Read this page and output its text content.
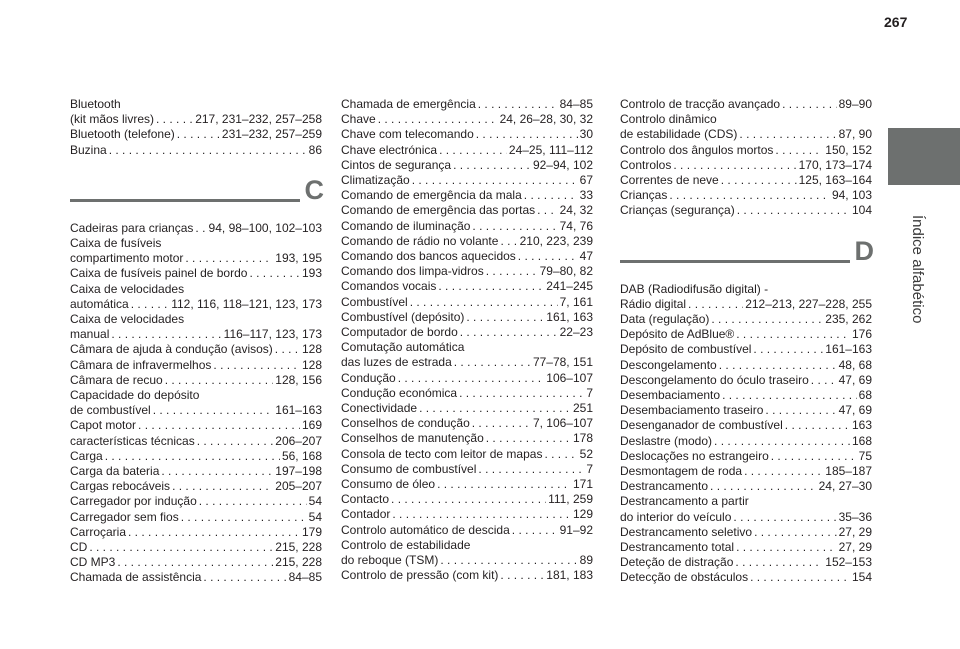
267
Índice alfabético
Bluetooth
(kit mãos livres) . . .	217, 231–232, 257–258
Bluetooth (telefone) . . .	231–232, 257–259
Buzina . . .	86
C
Cadeiras para crianças . . . 94, 98–100, 102–103
Caixa de fusíveis
compartimento motor . . .	193, 195
Caixa de fusíveis painel de bordo . . .	193
Caixa de velocidades
automática . . .	112, 116, 118–121, 123, 173
Caixa de velocidades
manual . . .	116–117, 123, 173
Câmara de ajuda à condução (avisos) . . . 128
Câmara de infravermelhos . . .	128
Câmara de recuo . . .	128, 156
Capacidade do depósito
de combustível . . .	161–163
Capot motor . . .	169
características técnicas . . .	206–207
Carga . . .	56, 168
Carga da bateria . . .	197–198
Cargas rebocáveis . . .	205–207
Carregador por indução . . .	54
Carregador sem fios . . .	54
Carroçaria . . .	179
CD . . .	215, 228
CD MP3 . . .	215, 228
Chamada de assistência . . .	84–85
Chamada de emergência . . .	84–85
Chave . . .	24, 26–28, 30, 32
Chave com telecomando . . .	30
Chave electrónica . . .	24–25, 111–112
Cintos de segurança . . .	92–94, 102
Climatização . . .	67
Comando de emergência da mala . . .	33
Comando de emergência das portas . . . 24, 32
Comando de iluminação . . .	74, 76
Comando de rádio no volante . . . 210, 223, 239
Comando dos bancos aquecidos . . .	47
Comando dos limpa-vidros . . .	79–80, 82
Comandos vocais . . .	241–245
Combustível . . .	7, 161
Combustível (depósito) . . .	161, 163
Computador de bordo . . .	22–23
Comutação automática
das luzes de estrada . . .	77–78, 151
Condução . . .	106–107
Condução económica . . .	7
Conectividade . . .	251
Conselhos de condução . . .	7, 106–107
Conselhos de manutenção . . .	178
Consola de tecto com leitor de mapas . . .	52
Consumo de combustível . . .	7
Consumo de óleo . . .	171
Contacto . . .	111, 259
Contador . . .	129
Controlo automático de descida . . .	91–92
Controlo de estabilidade
do reboque (TSM) . . .	89
Controlo de pressão (com kit) . . .	181, 183
Controlo de tracção avançado . . .	89–90
Controlo dinâmico
de estabilidade (CDS) . . .	87, 90
Controlo dos ângulos mortos . . .	150, 152
Controlos . . .	170, 173–174
Correntes de neve . . .	125, 163–164
Crianças . . .	94, 103
Crianças (segurança) . . .	104
D
DAB (Radiodifusão digital) -
Rádio digital . . .	212–213, 227–228, 255
Data (regulação) . . .	235, 262
Depósito de AdBlue® . . .	176
Depósito de combustível . . .	161–163
Descongelamento . . .	48, 68
Descongelamento do óculo traseiro . . . 47, 69
Desembaciamento . . .	68
Desembaciamento traseiro . . .	47, 69
Desenganador de combustível . . .	163
Deslastre (modo) . . .	168
Deslocações no estrangeiro . . .	75
Desmontagem de roda . . .	185–187
Destrancamento . . .	24, 27–30
Destrancamento a partir
do interior do veículo . . .	35–36
Destrancamento seletivo . . .	27, 29
Destrancamento total . . .	27, 29
Deteção de distração . . .	152–153
Detecção de obstáculos . . .	154
